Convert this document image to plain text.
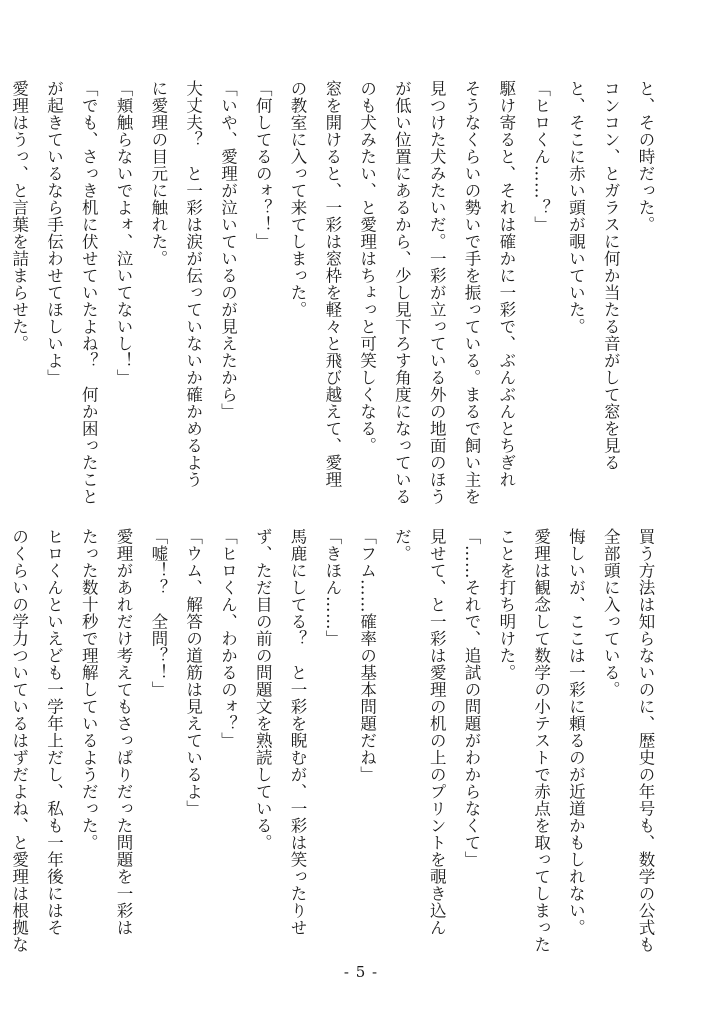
と、その時だった。
コンコン、とガラスに何か当たる音がして窓を見る
と、そこに赤い頭が覗いていた。
「ヒロくん……？」
駆け寄ると、それは確かに一彩で、ぶんぶんとちぎれ
そうなくらいの勢いで手を振っている。まるで飼い主を
見つけた犬みたいだ。一彩が立っている外の地面のほう
が低い位置にあるから、少し見下ろす角度になっている
のも犬みたい、と愛理はちょっと可笑しくなる。
窓を開けると、一彩は窓枠を軽々と飛び越えて、愛理
の教室に入って来てしまった。
「何してるのォ？！」
「いや、愛理が泣いているのが見えたから」
大丈夫？　と一彩は涙が伝っていないか確かめるよう
に愛理の目元に触れた。
「頬触らないでよォ、泣いてないし！」
「でも、さっき机に伏せていたよね？　何か困ったこと
が起きているなら手伝わせてほしいよ」
愛理はうっ、と言葉を詰まらせた。
買う方法は知らないのに、歴史の年号も、数学の公式も
全部頭に入っている。
悔しいが、ここは一彩に頼るのが近道かもしれない。
愛理は観念して数学の小テストで赤点を取ってしまった
ことを打ち明けた。
「……それで、追試の問題がわからなくて」
見せて、と一彩は愛理の机の上のプリントを覗き込ん
だ。
「フム……確率の基本問題だね」
「きほん……」
馬鹿にしてる？　と一彩を睨むが、一彩は笑ったりせ
ず、ただ目の前の問題文を熟読している。
「ヒロくん、わかるのォ？」
「ウム、解答の道筋は見えているよ」
「嘘！？　全問？！」
愛理があれだけ考えてもさっぱりだった問題を一彩は
たった数十秒で理解しているようだった。
ヒロくんといえども一学年上だし、私も一年後にはそ
のくらいの学力ついているはずだよね、と愛理は根拠な
- 5 -
